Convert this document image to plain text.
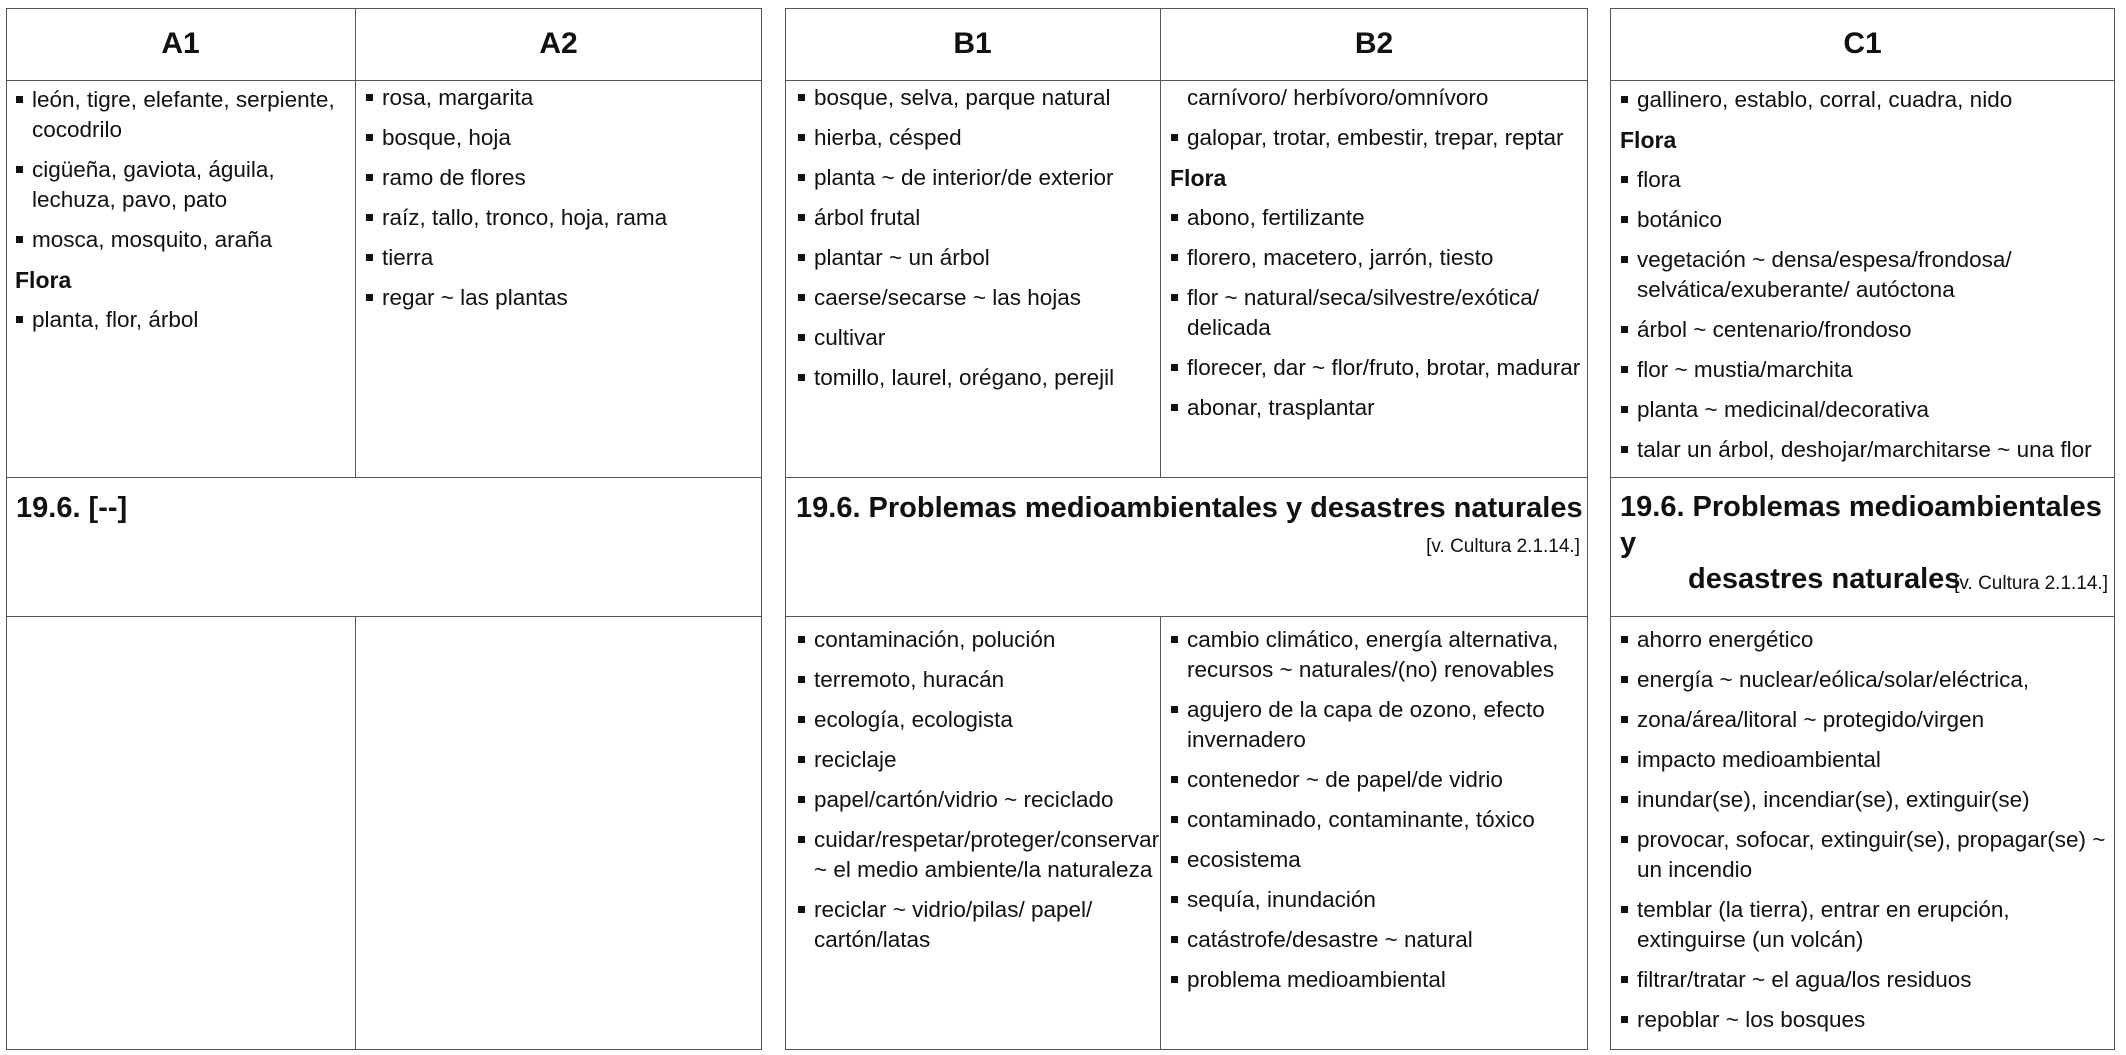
A1	A2
león, tigre, elefante, serpiente, cocodrilo
cigüeña, gaviota, águila, lechuza, pavo, pato
mosca, mosquito, araña
Flora
planta, flor, árbol
rosa, margarita
bosque, hoja
ramo de flores
raíz, tallo, tronco, hoja, rama
tierra
regar ~ las plantas
19.6. [--]
B1	B2
bosque, selva, parque natural
hierba, césped
planta ~ de interior/de exterior
árbol frutal
plantar ~ un árbol
caerse/secarse ~ las hojas
cultivar
tomillo, laurel, orégano, perejil
carnívoro/ herbívoro/omnívoro
galopar, trotar, embestir, trepar, reptar
Flora
abono, fertilizante
florero, macetero, jarrón, tiesto
flor ~ natural/seca/silvestre/exótica/ delicada
florecer, dar ~ flor/fruto, brotar, madurar
abonar, trasplantar
19.6. Problemas medioambientales y desastres naturales
[v. Cultura 2.1.14.]
contaminación, polución
terremoto, huracán
ecología, ecologista
reciclaje
papel/cartón/vidrio ~ reciclado
cuidar/respetar/proteger/conservar ~ el medio ambiente/la naturaleza
reciclar ~ vidrio/pilas/ papel/ cartón/latas
cambio climático, energía alternativa, recursos ~ naturales/(no) renovables
agujero de la capa de ozono, efecto invernadero
contenedor ~ de papel/de vidrio
contaminado, contaminante, tóxico
ecosistema
sequía, inundación
catástrofe/desastre ~ natural
problema medioambiental
C1
gallinero, establo, corral, cuadra, nido
Flora
flora
botánico
vegetación ~ densa/espesa/frondosa/ selvática/exuberante/ autóctona
árbol ~ centenario/frondoso
flor ~ mustia/marchita
planta ~ medicinal/decorativa
talar un árbol, deshojar/marchitarse ~ una flor
19.6. Problemas medioambientales y
desastres naturales
[v. Cultura 2.1.14.]
ahorro energético
energía ~ nuclear/eólica/solar/eléctrica,
zona/área/litoral ~ protegido/virgen
impacto medioambiental
inundar(se), incendiar(se), extinguir(se)
provocar, sofocar, extinguir(se), propagar(se) ~ un incendio
temblar (la tierra), entrar en erupción, extinguirse (un volcán)
filtrar/tratar ~ el agua/los residuos
repoblar ~ los bosques
